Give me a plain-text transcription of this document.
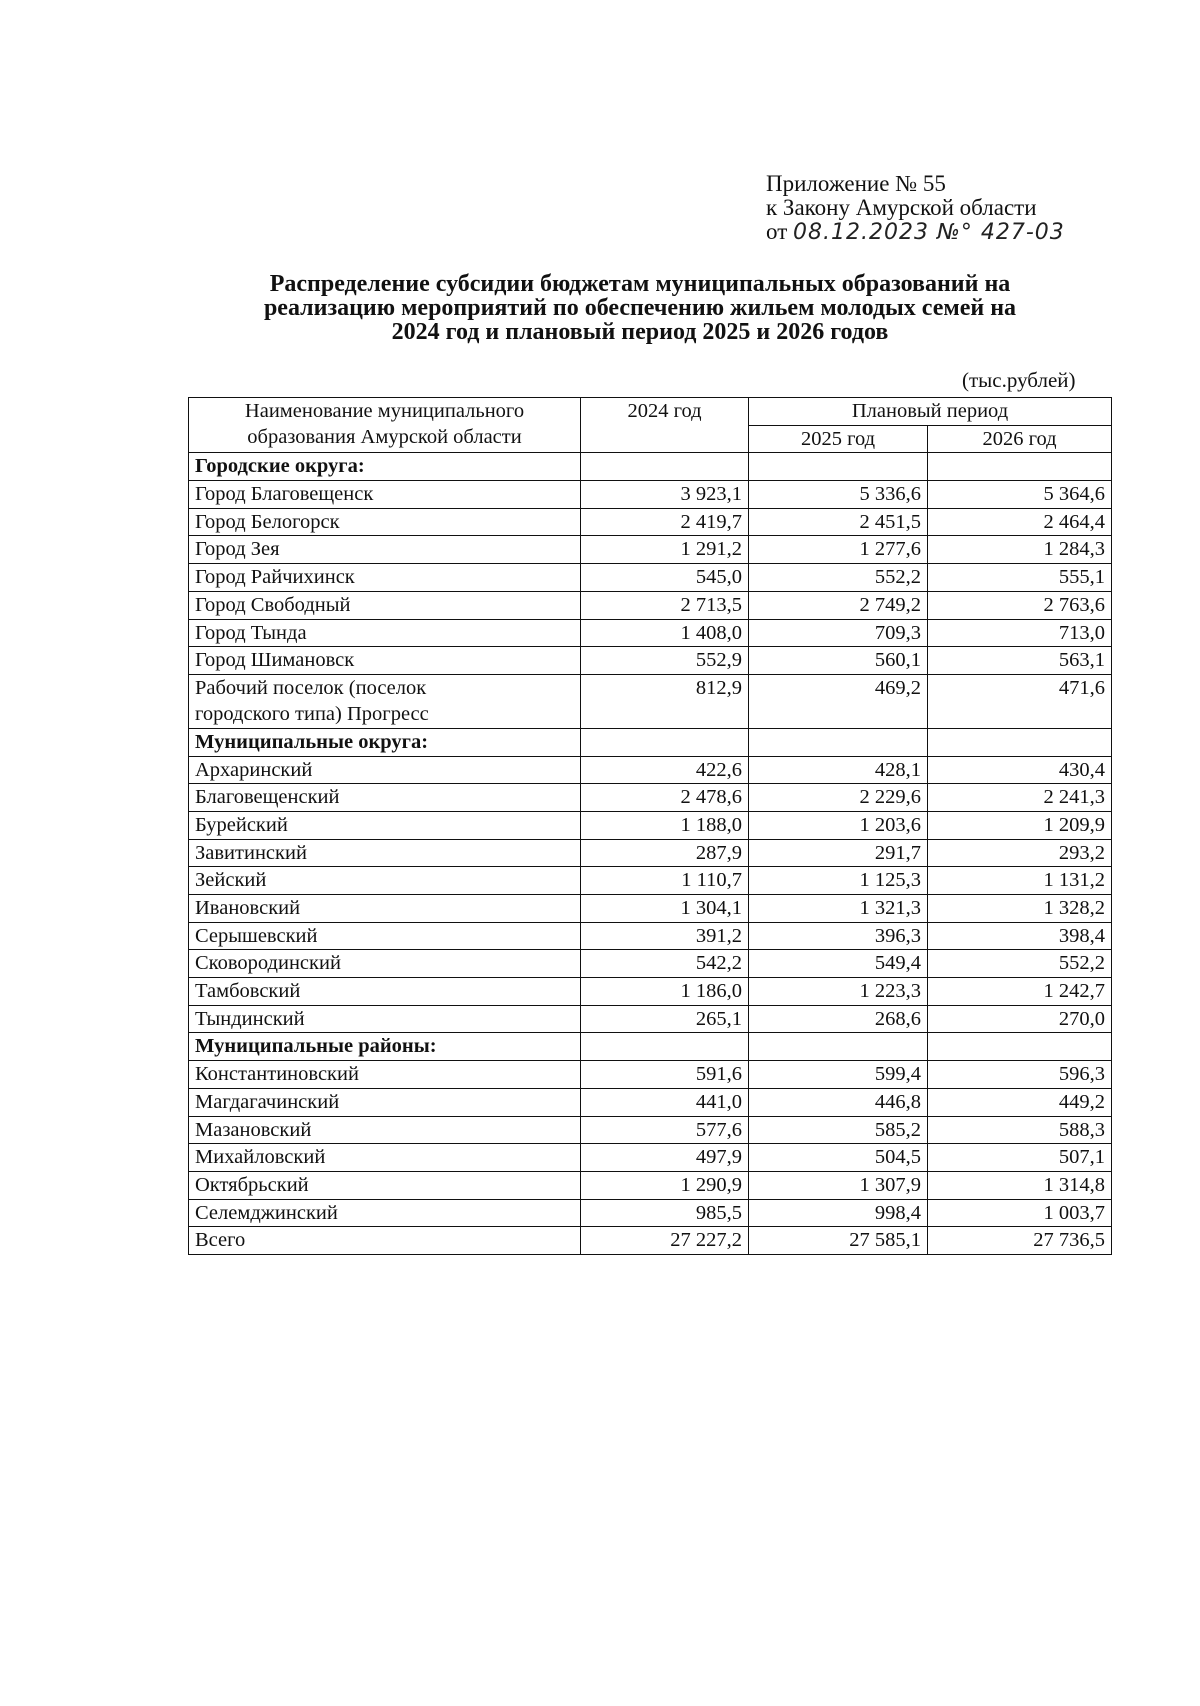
Приложение № 55
к Закону Амурской области
от 08.12.2023 №° 427-03
Распределение субсидии бюджетам муниципальных образований на
реализацию мероприятий по обеспечению жильем молодых семей на
2024 год и плановый период 2025 и 2026 годов
(тыс.рублей)
Наименование муниципального
образования Амурской области	2024 год	Плановый период	
		2025 год	2026 год
Городские округа:			
Город Благовещенск	3 923,1	5 336,6	5 364,6
Город Белогорск	2 419,7	2 451,5	2 464,4
Город Зея	1 291,2	1 277,6	1 284,3
Город Райчихинск	545,0	552,2	555,1
Город Свободный	2 713,5	2 749,2	2 763,6
Город Тында	1 408,0	709,3	713,0
Город Шимановск	552,9	560,1	563,1

Рабочий поселок (поселок
городского типа) Прогресс	812,9	469,2	471,6
Муниципальные округа:			
Архаринский	422,6	428,1	430,4
Благовещенский	2 478,6	2 229,6	2 241,3
Бурейский	1 188,0	1 203,6	1 209,9
Завитинский	287,9	291,7	293,2
Зейский	1 110,7	1 125,3	1 131,2
Ивановский	1 304,1	1 321,3	1 328,2
Серышевский	391,2	396,3	398,4
Сковородинский	542,2	549,4	552,2
Тамбовский	1 186,0	1 223,3	1 242,7
Тындинский	265,1	268,6	270,0
Муниципальные районы:			
Константиновский	591,6	599,4	596,3
Магдагачинский	441,0	446,8	449,2
Мазановский	577,6	585,2	588,3
Михайловский	497,9	504,5	507,1
Октябрьский	1 290,9	1 307,9	1 314,8
Селемджинский	985,5	998,4	1 003,7
Всего	27 227,2	27 585,1	27 736,5
